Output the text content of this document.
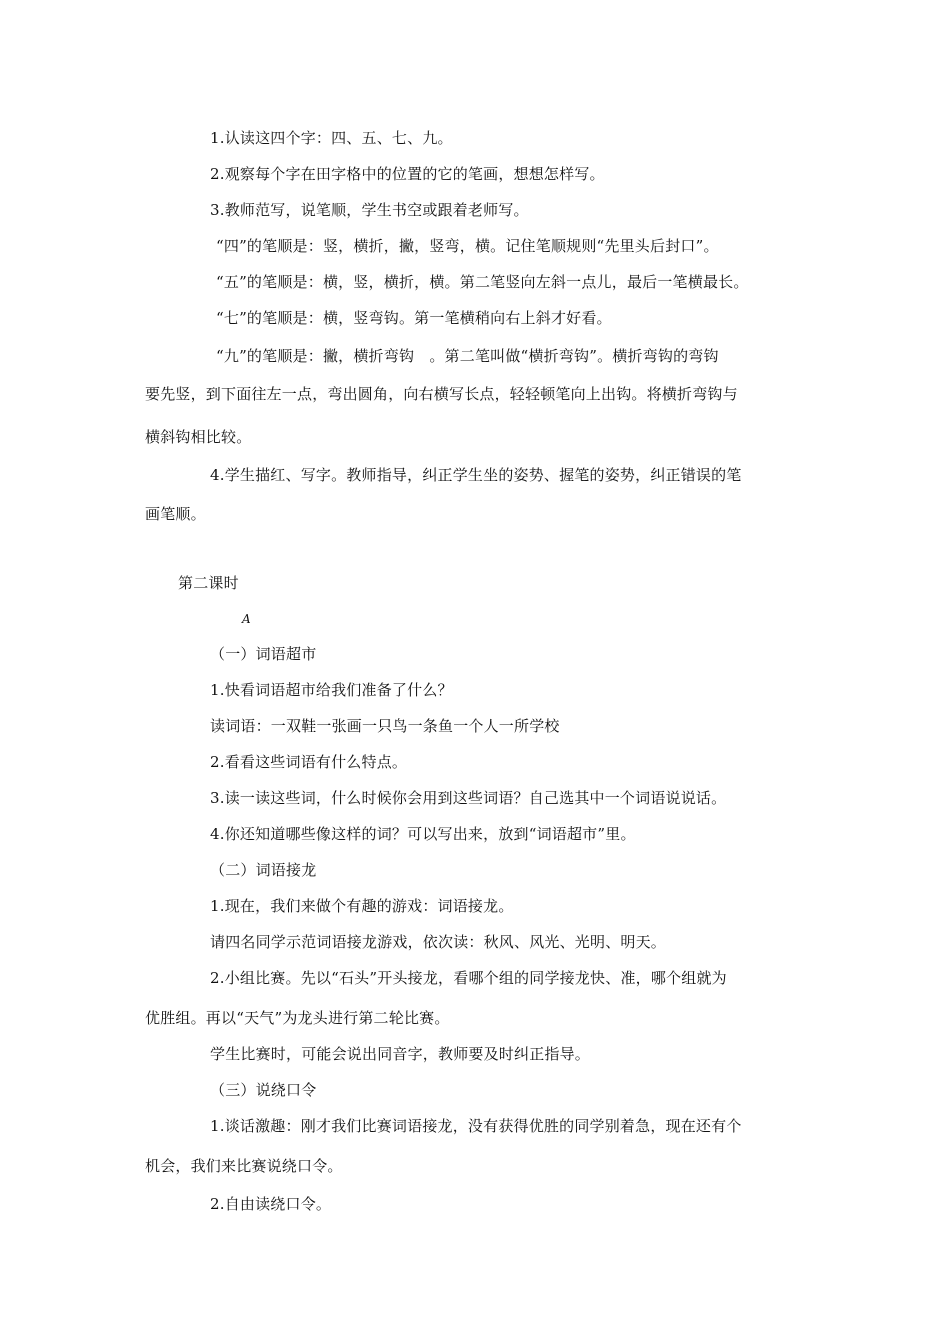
1.认读这四个字：四、五、七、九。
2.观察每个字在田字格中的位置的它的笔画，想想怎样写。
3.教师范写，说笔顺，学生书空或跟着老师写。
“四”的笔顺是：竖，横折，撇，竖弯，横。记住笔顺规则“先里头后封口”。
“五”的笔顺是：横，竖，横折，横。第二笔竖向左斜一点儿，最后一笔横最长。
“七”的笔顺是：横，竖弯钩。第一笔横稍向右上斜才好看。
“九”的笔顺是：撇，横折弯钩　。第二笔叫做“横折弯钩”。横折弯钩的弯钩
要先竖，到下面往左一点，弯出圆角，向右横写长点，轻轻顿笔向上出钩。将横折弯钩与
横斜钩相比较。
4.学生描红、写字。教师指导，纠正学生坐的姿势、握笔的姿势，纠正错误的笔
画笔顺。
第二课时
A
（一）词语超市
1.快看词语超市给我们准备了什么？
读词语：一双鞋一张画一只鸟一条鱼一个人一所学校
2.看看这些词语有什么特点。
3.读一读这些词，什么时候你会用到这些词语？自己选其中一个词语说说话。
4.你还知道哪些像这样的词？可以写出来，放到“词语超市”里。
（二）词语接龙
1.现在，我们来做个有趣的游戏：词语接龙。
请四名同学示范词语接龙游戏，依次读：秋风、风光、光明、明天。
2.小组比赛。先以“石头”开头接龙，看哪个组的同学接龙快、准，哪个组就为
优胜组。再以“天气”为龙头进行第二轮比赛。
学生比赛时，可能会说出同音字，教师要及时纠正指导。
（三）说绕口令
1.谈话激趣：刚才我们比赛词语接龙，没有获得优胜的同学别着急，现在还有个
机会，我们来比赛说绕口令。
2.自由读绕口令。
